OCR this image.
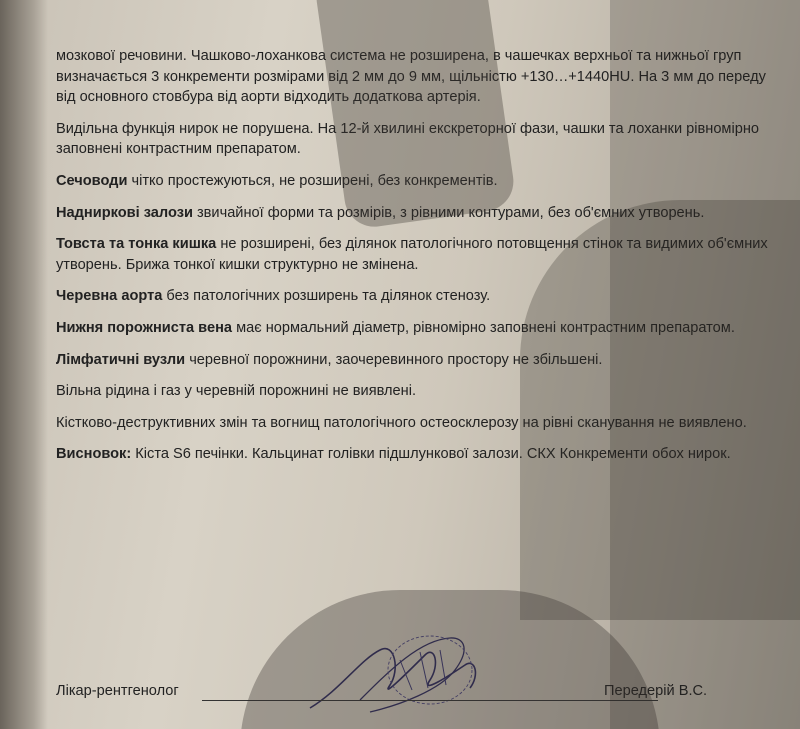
мозкової речовини. Чашково-лоханкова система не розширена, в чашечках верхньої та нижньої груп визначається 3 конкременти розмірами від 2 мм до 9 мм, щільністю +130…+1440HU. На 3 мм до переду від основного стовбура від аорти відходить додаткова артерія.

Видільна функція нирок не порушена. На 12-й хвилині екскреторної фази, чашки та лоханки рівномірно заповнені контрастним препаратом.

Сечоводи чітко простежуються, не розширені, без конкрементів.

Надниркові залози звичайної форми та розмірів, з рівними контурами, без об'ємних утворень.

Товста та тонка кишка не розширені, без ділянок патологічного потовщення стінок та видимих об'ємних утворень. Брижа тонкої кишки структурно не змінена.

Черевна аорта без патологічних розширень та ділянок стенозу.

Нижня порожниста вена має нормальний діаметр, рівномірно заповнені контрастним препаратом.

Лімфатичні вузли черевної порожнини, заочеревинного простору не збільшені.

Вільна рідина і газ у черевній порожнині не виявлені.

Кістково-деструктивних змін та вогнищ патологічного остеосклерозу на рівні сканування не виявлено.

Висновок: Кіста S6 печінки. Кальцинат голівки підшлункової залози. СКХ Конкременти обох нирок.

Лікар-рентгенолог	Передерій В.С.
